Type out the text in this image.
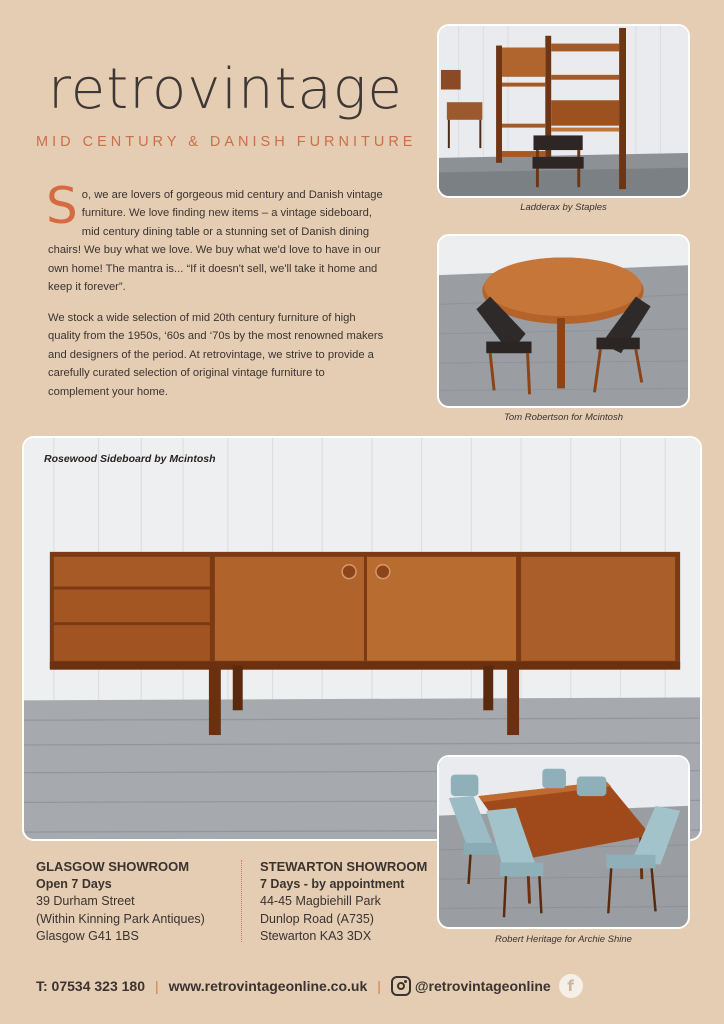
retrovintage
MID CENTURY & DANISH FURNITURE

S o, we are lovers of gorgeous mid century and Danish vintage furniture. We love finding new items – a vintage sideboard, mid century dining table or a stunning set of Danish dining chairs! We buy what we love. We buy what we'd love to have in our own home! The mantra is... “If it doesn't sell, we'll take it home and keep it forever”.

We stock a wide selection of mid 20th century furniture of high quality from the 1950s, ‘60s and ‘70s by the most renowned makers and designers of the period. At retrovintage, we strive to provide a carefully curated selection of original vintage furniture to complement your home.

Ladderax by Staples
Tom Robertson for Mcintosh
Rosewood Sideboard by Mcintosh
Robert Heritage for Archie Shine
GLASGOW SHOWROOM
Open 7 Days
39 Durham Street
(Within Kinning Park Antiques)
Glasgow G41 1BS
STEWARTON SHOWROOM
7 Days - by appointment
44-45 Magbiehill Park
Dunlop Road (A735)
Stewarton KA3 3DX
T: 07534 323 180 | www.retrovintageonline.co.uk | @retrovintageonline	f
